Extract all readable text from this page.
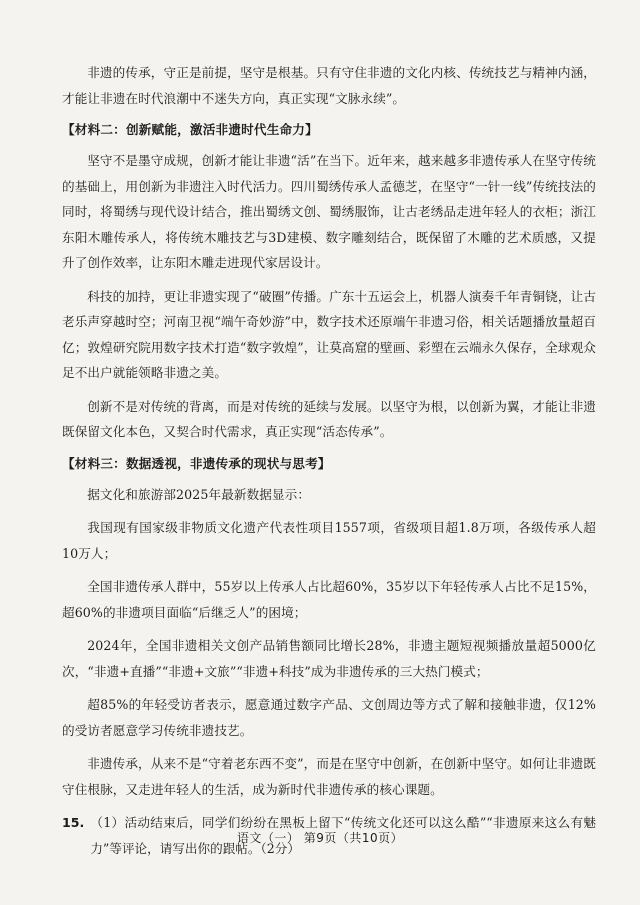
非遗的传承，守正是前提，坚守是根基。只有守住非遗的文化内核、传统技艺与精神内涵，才能让非遗在时代浪潮中不迷失方向，真正实现“文脉永续”。

【材料二：创新赋能，激活非遗时代生命力】

坚守不是墨守成规，创新才能让非遗“活”在当下。近年来，越来越多非遗传承人在坚守传统的基础上，用创新为非遗注入时代活力。四川蜀绣传承人孟德芝，在坚守“一针一线”传统技法的同时，将蜀绣与现代设计结合，推出蜀绣文创、蜀绣服饰，让古老绣品走进年轻人的衣柜；浙江东阳木雕传承人，将传统木雕技艺与3D建模、数字雕刻结合，既保留了木雕的艺术质感，又提升了创作效率，让东阳木雕走进现代家居设计。

科技的加持，更让非遗实现了“破圈”传播。广东十五运会上，机器人演奏千年青铜铙，让古老乐声穿越时空；河南卫视“端午奇妙游”中，数字技术还原端午非遗习俗，相关话题播放量超百亿；敦煌研究院用数字技术打造“数字敦煌”，让莫高窟的壁画、彩塑在云端永久保存，全球观众足不出户就能领略非遗之美。

创新不是对传统的背离，而是对传统的延续与发展。以坚守为根，以创新为翼，才能让非遗既保留文化本色，又契合时代需求，真正实现“活态传承”。

【材料三：数据透视，非遗传承的现状与思考】

据文化和旅游部2025年最新数据显示：

我国现有国家级非物质文化遗产代表性项目1557项，省级项目超1.8万项，各级传承人超10万人；

全国非遗传承人群中，55岁以上传承人占比超60%，35岁以下年轻传承人占比不足15%，超60%的非遗项目面临“后继乏人”的困境；

2024年，全国非遗相关文创产品销售额同比增长28%，非遗主题短视频播放量超5000亿次，“非遗+直播”“非遗+文旅”“非遗+科技”成为非遗传承的三大热门模式；

超85%的年轻受访者表示，愿意通过数字产品、文创周边等方式了解和接触非遗，仅12%的受访者愿意学习传统非遗技艺。

非遗传承，从来不是“守着老东西不变”，而是在坚守中创新，在创新中坚守。如何让非遗既守住根脉，又走进年轻人的生活，成为新时代非遗传承的核心课题。

15. （1）活动结束后，同学们纷纷在黑板上留下“传统文化还可以这么酷”“非遗原来这么有魅力”等评论，请写出你的跟帖。（2分）
语文（一） 第9页（共10页）
